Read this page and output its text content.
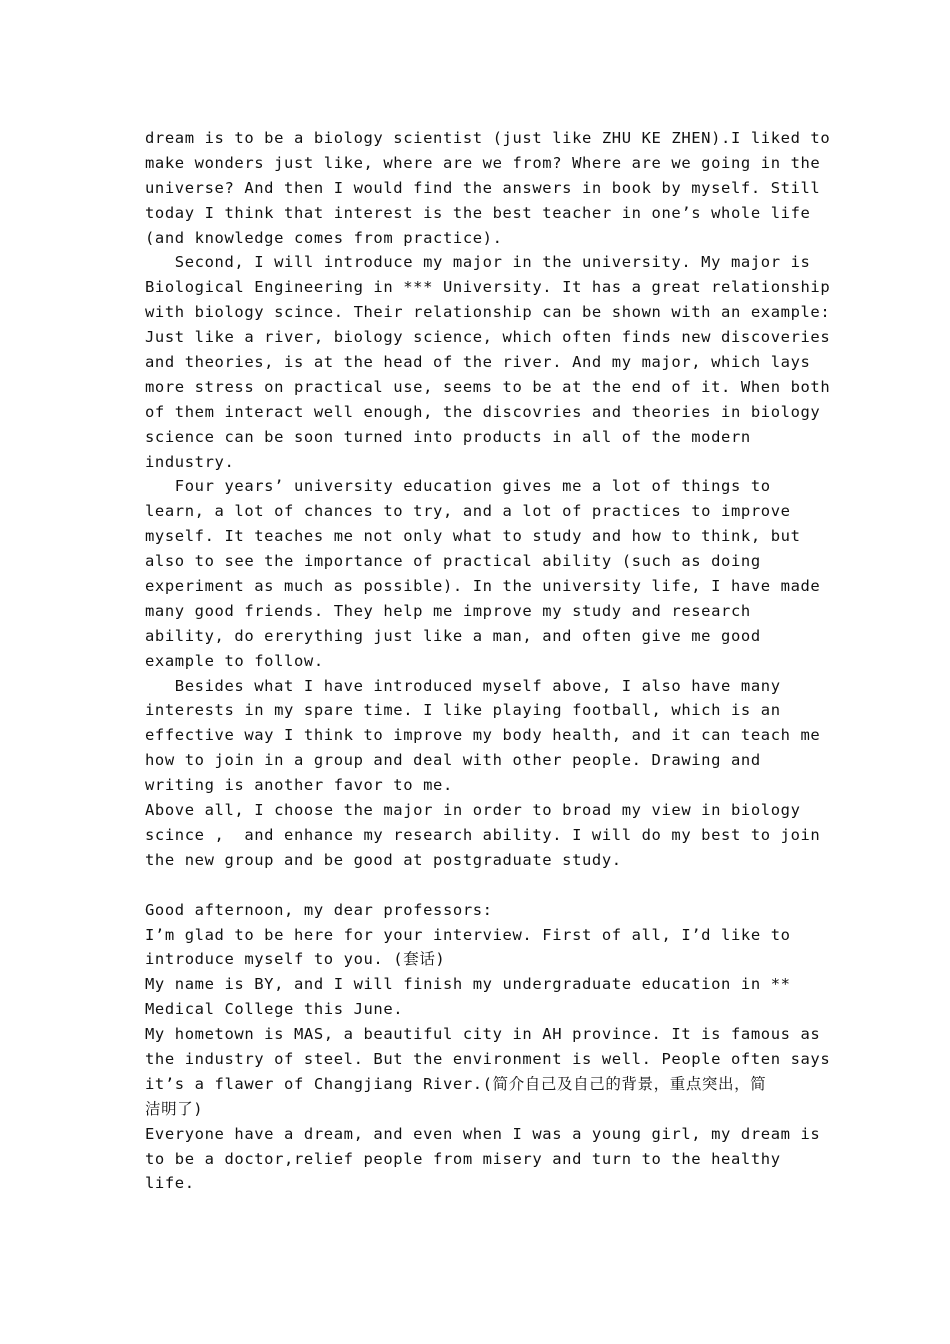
dream is to be a biology scientist (just like ZHU KE ZHEN).I liked to
make wonders just like, where are we from? Where are we going in the
universe? And then I would find the answers in book by myself. Still
today I think that interest is the best teacher in one’s whole life
(and knowledge comes from practice).
Second, I will introduce my major in the university. My major is
Biological Engineering in *** University. It has a great relationship
with biology scince. Their relationship can be shown with an example:
Just like a river, biology science, which often finds new discoveries
and theories, is at the head of the river. And my major, which lays
more stress on practical use, seems to be at the end of it. When both
of them interact well enough, the discovries and theories in biology
science can be soon turned into products in all of the modern
industry.
Four years’ university education gives me a lot of things to
learn, a lot of chances to try, and a lot of practices to improve
myself. It teaches me not only what to study and how to think, but
also to see the importance of practical ability (such as doing
experiment as much as possible). In the university life, I have made
many good friends. They help me improve my study and research
ability, do ererything just like a man, and often give me good
example to follow.
Besides what I have introduced myself above, I also have many
interests in my spare time. I like playing football, which is an
effective way I think to improve my body health, and it can teach me
how to join in a group and deal with other people. Drawing and
writing is another favor to me.
Above all, I choose the major in order to broad my view in biology
scince ,  and enhance my research ability. I will do my best to join
the new group and be good at postgraduate study.
Good afternoon, my dear professors:
I’m glad to be here for your interview. First of all, I’d like to
introduce myself to you. (套话)
My name is BY, and I will finish my undergraduate education in **
Medical College this June.
My hometown is MAS, a beautiful city in AH province. It is famous as
the industry of steel. But the environment is well. People often says
it’s a flawer of Changjiang River.(简介自己及自己的背景，重点突出，简
洁明了)
Everyone have a dream, and even when I was a young girl, my dream is
to be a doctor,relief people from misery and turn to the healthy
life.
